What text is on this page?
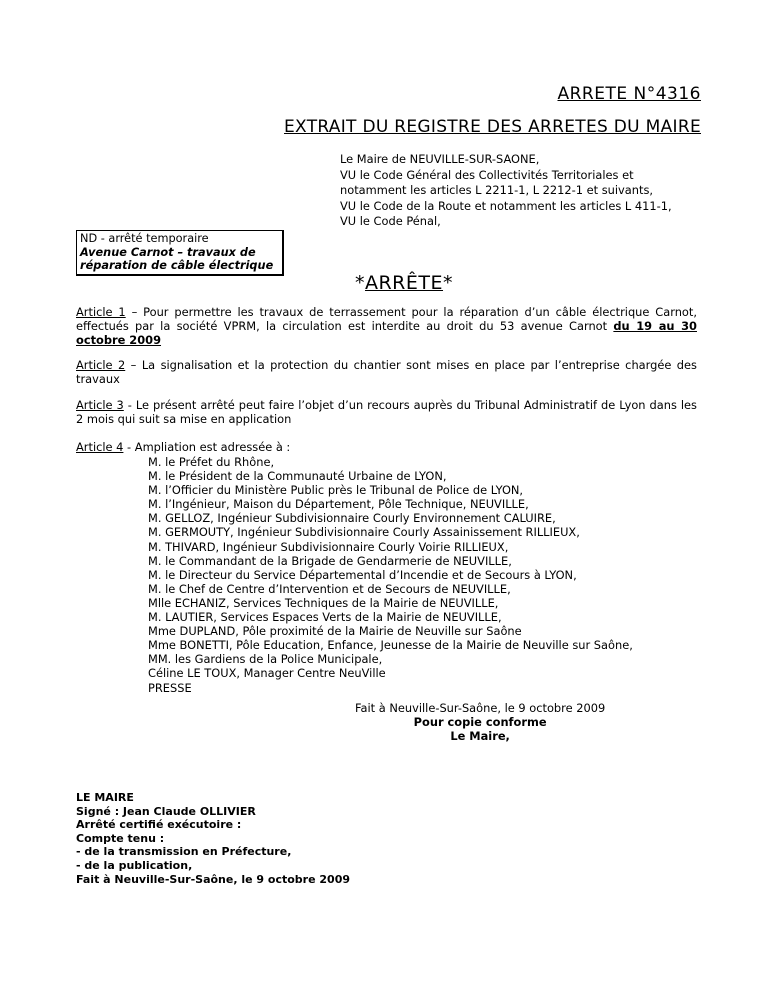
ARRETE N°4316
EXTRAIT DU REGISTRE DES ARRETES DU MAIRE
Le Maire de NEUVILLE-SUR-SAONE,
VU le Code Général des Collectivités Territoriales et
notamment les articles L 2211-1, L 2212-1 et suivants,
VU le Code de la Route et notamment les articles L 411-1,
VU le Code Pénal,
ND - arrêté temporaire
Avenue Carnot – travaux de
réparation de câble électrique
*ARRÊTE*
Article 1 – Pour permettre les travaux de terrassement pour la réparation d’un câble électrique Carnot, effectués par la société VPRM, la circulation est interdite au droit du 53 avenue Carnot du 19 au 30 octobre 2009
Article 2 – La signalisation et la protection du chantier sont mises en place par l’entreprise chargée des travaux
Article 3 - Le présent arrêté peut faire l’objet d’un recours auprès du Tribunal Administratif de Lyon dans les 2 mois qui suit sa mise en application
Article 4 - Ampliation est adressée à :
M. le Préfet du Rhône,
M. le Président de la Communauté Urbaine de LYON,
M. l’Officier du Ministère Public près le Tribunal de Police de LYON,
M. l’Ingénieur, Maison du Département, Pôle Technique, NEUVILLE,
M. GELLOZ, Ingénieur Subdivisionnaire Courly Environnement CALUIRE,
M. GERMOUTY, Ingénieur Subdivisionnaire Courly Assainissement RILLIEUX,
M. THIVARD, Ingénieur Subdivisionnaire Courly Voirie RILLIEUX,
M. le Commandant de la Brigade de Gendarmerie de NEUVILLE,
M. le Directeur du Service Départemental d’Incendie et de Secours à LYON,
M. le Chef de Centre d’Intervention et de Secours de NEUVILLE,
Mlle ECHANIZ, Services Techniques de la Mairie de NEUVILLE,
M. LAUTIER, Services Espaces Verts de la Mairie de NEUVILLE,
Mme DUPLAND, Pôle proximité de la Mairie de Neuville sur Saône
Mme BONETTI, Pôle Education, Enfance, Jeunesse de la Mairie de Neuville sur Saône,
MM. les Gardiens de la Police Municipale,
Céline LE TOUX, Manager Centre NeuVille
PRESSE
Fait à Neuville-Sur-Saône, le 9 octobre 2009
Pour copie conforme
Le Maire,
LE MAIRE
Signé : Jean Claude OLLIVIER
Arrêté certifié exécutoire :
Compte tenu :
- de la transmission en Préfecture,
- de la publication,
Fait à Neuville-Sur-Saône, le 9 octobre 2009
